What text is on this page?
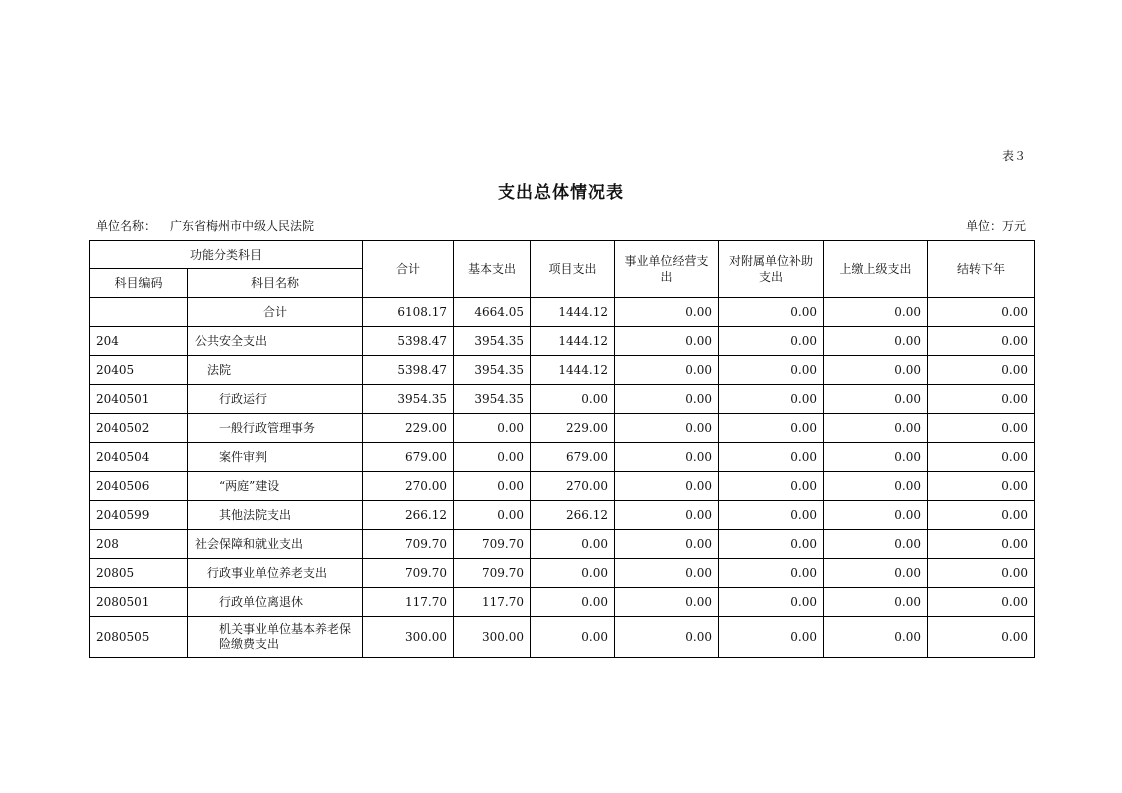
表３
支出总体情况表
单位名称： 广东省梅州市中级人民法院	单位：万元
功能分类科目		合计	基本支出	项目支出	事业单位经营支出	对附属单位补助支出	上缴上级支出	结转下年
科目编码	科目名称							
	合计	6108.17	4664.05	1444.12	0.00	0.00	0.00	0.00
204	公共安全支出	5398.47	3954.35	1444.12	0.00	0.00	0.00	0.00
20405	法院	5398.47	3954.35	1444.12	0.00	0.00	0.00	0.00
2040501	行政运行	3954.35	3954.35	0.00	0.00	0.00	0.00	0.00
2040502	一般行政管理事务	229.00	0.00	229.00	0.00	0.00	0.00	0.00
2040504	案件审判	679.00	0.00	679.00	0.00	0.00	0.00	0.00
2040506	“两庭”建设	270.00	0.00	270.00	0.00	0.00	0.00	0.00
2040599	其他法院支出	266.12	0.00	266.12	0.00	0.00	0.00	0.00
208	社会保障和就业支出	709.70	709.70	0.00	0.00	0.00	0.00	0.00
20805	行政事业单位养老支出	709.70	709.70	0.00	0.00	0.00	0.00	0.00
2080501	行政单位离退休	117.70	117.70	0.00	0.00	0.00	0.00	0.00
2080505	机关事业单位基本养老保险缴费支出	300.00	300.00	0.00	0.00	0.00	0.00	0.00
